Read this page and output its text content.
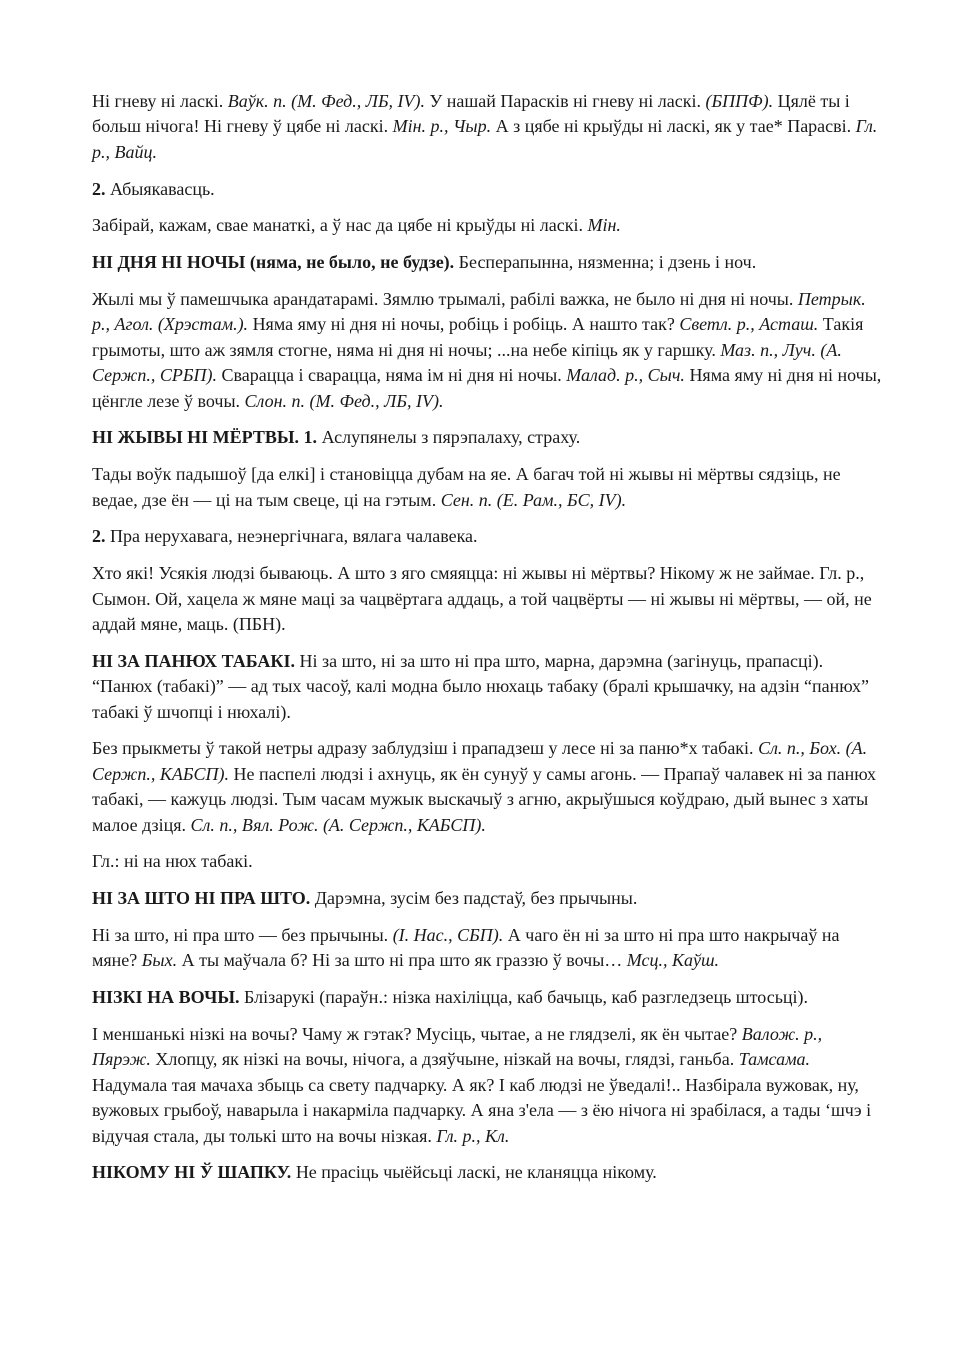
Ні гневу ні ласкі. Ваўк. п. (М. Фед., ЛБ, IV). У нашай Парасків ні гневу ні ласкі. (БППФ). Цялё ты і больш нічога! Ні гневу ў цябе ні ласкі. Мін. р., Чыр. А з цябе ні крыўды ні ласкі, як у тае* Парасві. Гл. р., Вайц.

2. Абыякавасць.

Забірай, кажам, свае манаткі, а ў нас да цябе ні крыўды ні ласкі. Мін.

НІ ДНЯ НІ НОЧЫ (няма, не было, не будзе). Бесперапынна, нязменна; і дзень і ноч.

Жылі мы ў памешчыка арандатарамі. Зямлю трымалі, рабілі важка, не было ні дня ні ночы. Петрык. р., Агол. (Хрэстам.). Няма яму ні дня ні ночы, робіць і робіць. А нашто так? Светл. р., Асташ. Такія грымоты, што аж зямля стогне, няма ні дня ні ночы; ...на небе кіпіць як у гаршку. Маз. п., Луч. (А. Сержп., СРБП). Сварацца і сварацца, няма ім ні дня ні ночы. Малад. р., Сыч. Няма яму ні дня ні ночы, цёнгле лезе ў вочы. Слон. п. (М. Фед., ЛБ, IV).

НІ ЖЫВЫ НІ МЁРТВЫ. 1. Аслупянелы з пярэпалаху, страху.

Тады воўк падышоў [да елкі] і становіцца дубам на яе. А багач той ні жывы ні мёртвы сядзіць, не ведае, дзе ён — ці на тым свеце, ці на гэтым. Сен. п. (Е. Рам., БС, IV).

2. Пра нерухавага, неэнергічнага, вялага чалавека.

Хто які! Усякія людзі бываюць. А што з яго смяяцца: ні жывы ні мёртвы? Нікому ж не займае. Гл. р., Сымон. Ой, хацела ж мяне маці за чацвёртага аддаць, а той чацвёрты — ні жывы ні мёртвы, — ой, не аддай мяне, маць. (ПБН).

НІ ЗА ПАНЮХ ТАБАКІ. Ні за што, ні за што ні пра што, марна, дарэмна (загінуць, прапасці). “Панюх (табакі)” — ад тых часоў, калі модна было нюхаць табаку (бралі крышачку, на адзін “панюх” табакі ў шчопці і нюхалі).

Без прыкметы ў такой нетры адразу заблудзіш і прападзеш у лесе ні за паню*х табакі. Сл. п., Бох. (А. Сержп., КАБСП). Не паспелі людзі і ахнуць, як ён сунуў у самы агонь. — Прапаў чалавек ні за панюх табакі, — кажуць людзі. Тым часам мужык выскачыў з агню, акрыўшыся коўдраю, дый вынес з хаты малое дзіця. Сл. п., Вял. Рож. (А. Сержп., КАБСП).

Гл.: ні на нюх табакі.

НІ ЗА ШТО НІ ПРА ШТО. Дарэмна, зусім без падстаў, без прычыны.

Ні за што, ні пра што — без прычыны. (І. Нас., СБП). А чаго ён ні за што ні пра што накрычаў на мяне? Бых. А ты маўчала б? Ні за што ні пра што як граззю ў вочы… Мсц., Каўш.

НІЗКІ НА ВОЧЫ. Блізарукі (параўн.: нізка нахіліцца, каб бачыць, каб разгледзець штосьці).

І меншанькі нізкі на вочы? Чаму ж гэтак? Мусіць, чытае, а не глядзелі, як ён чытае? Валож. р., Пярэж. Хлопцу, як нізкі на вочы, нічога, а дзяўчыне, нізкай на вочы, глядзі, ганьба. Тамсама. Надумала тая мачаха збыць са свету падчарку. А як? І каб людзі не ўведалі!.. Назбірала вужовак, ну, вужовых грыбоў, наварыла і накарміла падчарку. А яна з'ела — з ёю нічога ні зрабілася, а тады ‘шчэ і відучая стала, ды толькі што на вочы нізкая. Гл. р., Кл.

НІКОМУ НІ Ў ШАПКУ. Не прасіць чыёйсьці ласкі, не кланяцца нікому.
